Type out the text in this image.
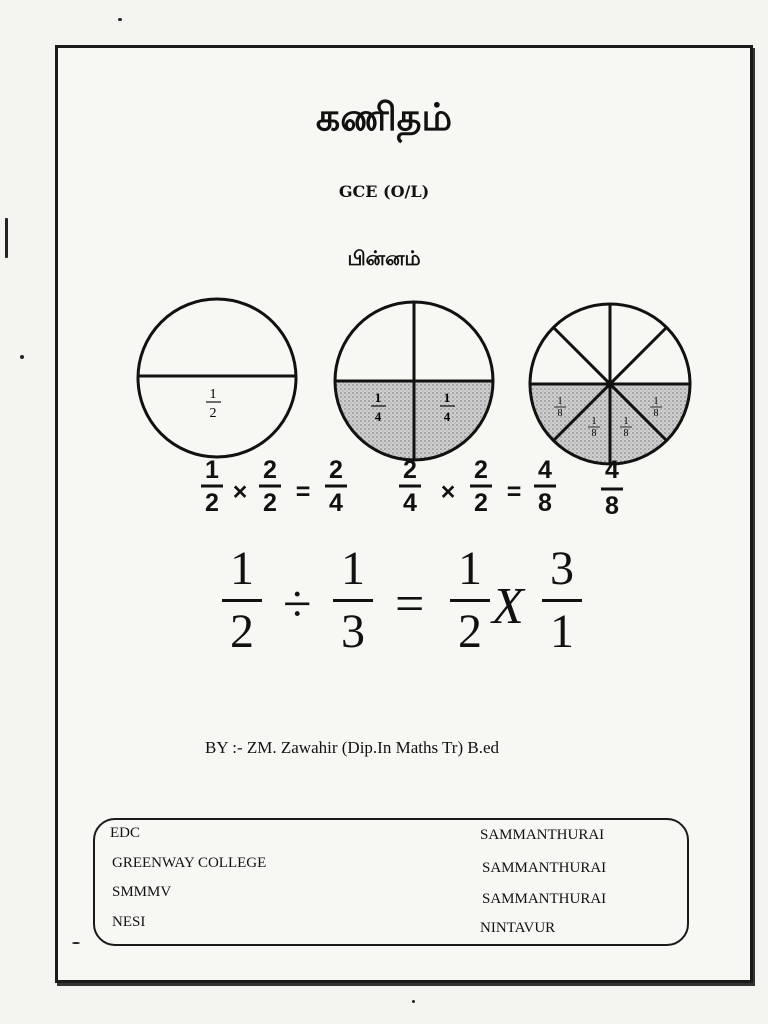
கணிதம்
GCE (O/L)
பின்னம்
1
2
1
4
1
4
1
8
1
8
1
8
1
8
1
2 ×
2
2 =
2
4
2
4 ×
2
2 =
4
8
4
8
1
2 ÷
1
3 =
1
2 X
3
1
BY :- ZM. Zawahir (Dip.In Maths Tr) B.ed
EDC	SAMMANTHURAI
GREENWAY COLLEGE	SAMMANTHURAI
SMMMV	SAMMANTHURAI
NESI	NINTAVUR
